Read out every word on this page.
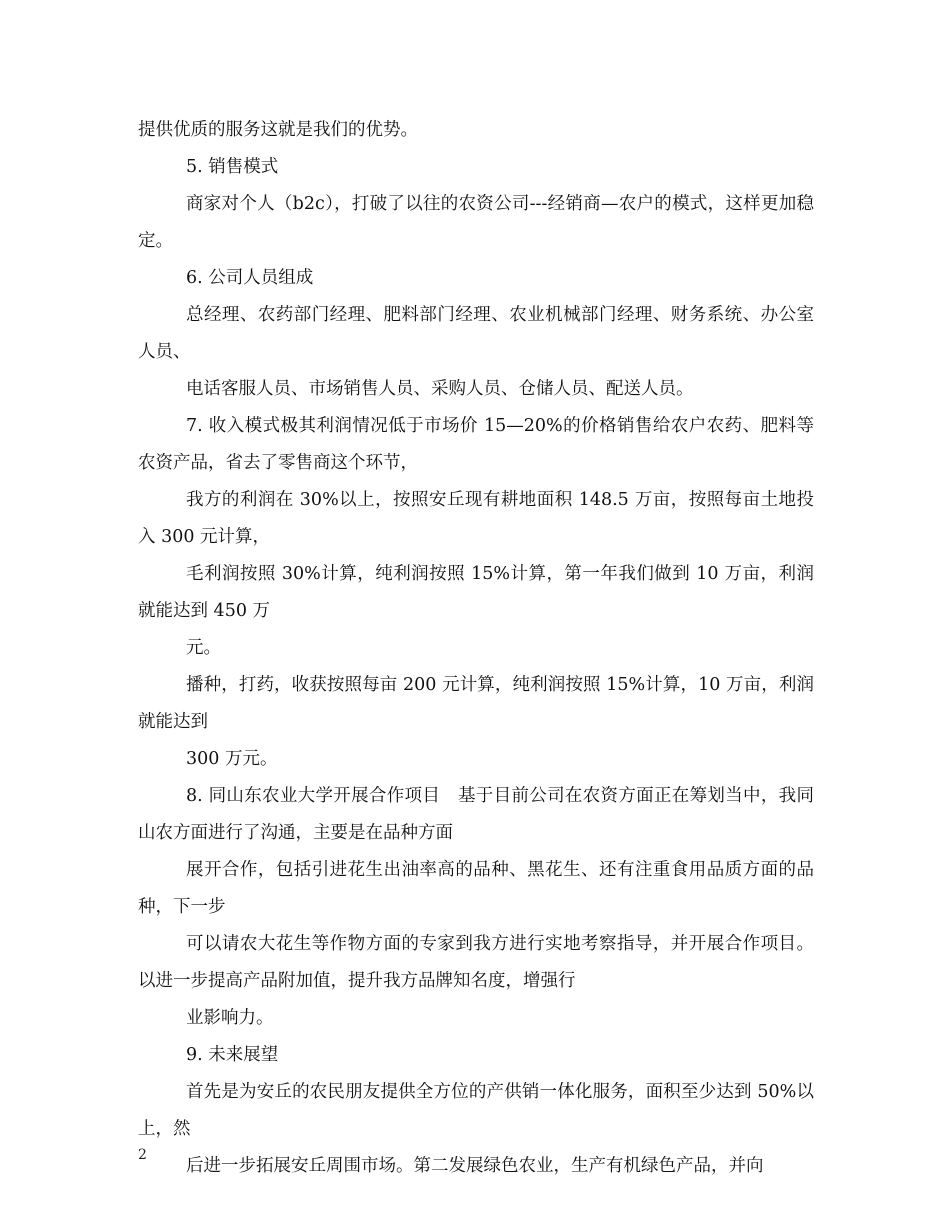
提供优质的服务这就是我们的优势。

5. 销售模式

商家对个人（b2c），打破了以往的农资公司---经销商—农户的模式，这样更加稳定。

6. 公司人员组成

总经理、农药部门经理、肥料部门经理、农业机械部门经理、财务系统、办公室人员、

电话客服人员、市场销售人员、采购人员、仓储人员、配送人员。

7. 收入模式极其利润情况低于市场价 15—20%的价格销售给农户农药、肥料等农资产品，省去了零售商这个环节，

我方的利润在 30%以上，按照安丘现有耕地面积 148.5 万亩，按照每亩土地投入 300 元计算，

毛利润按照 30%计算，纯利润按照 15%计算，第一年我们做到 10 万亩，利润就能达到 450 万

元。

播种，打药，收获按照每亩 200 元计算，纯利润按照 15%计算，10 万亩，利润就能达到

300 万元。

8. 同山东农业大学开展合作项目　基于目前公司在农资方面正在筹划当中，我同山农方面进行了沟通，主要是在品种方面

展开合作，包括引进花生出油率高的品种、黑花生、还有注重食用品质方面的品种，下一步

可以请农大花生等作物方面的专家到我方进行实地考察指导，并开展合作项目。以进一步提高产品附加值，提升我方品牌知名度，增强行

业影响力。

9. 未来展望

首先是为安丘的农民朋友提供全方位的产供销一体化服务，面积至少达到 50%以上，然

后进一步拓展安丘周围市场。第二发展绿色农业，生产有机绿色产品，并向

2
